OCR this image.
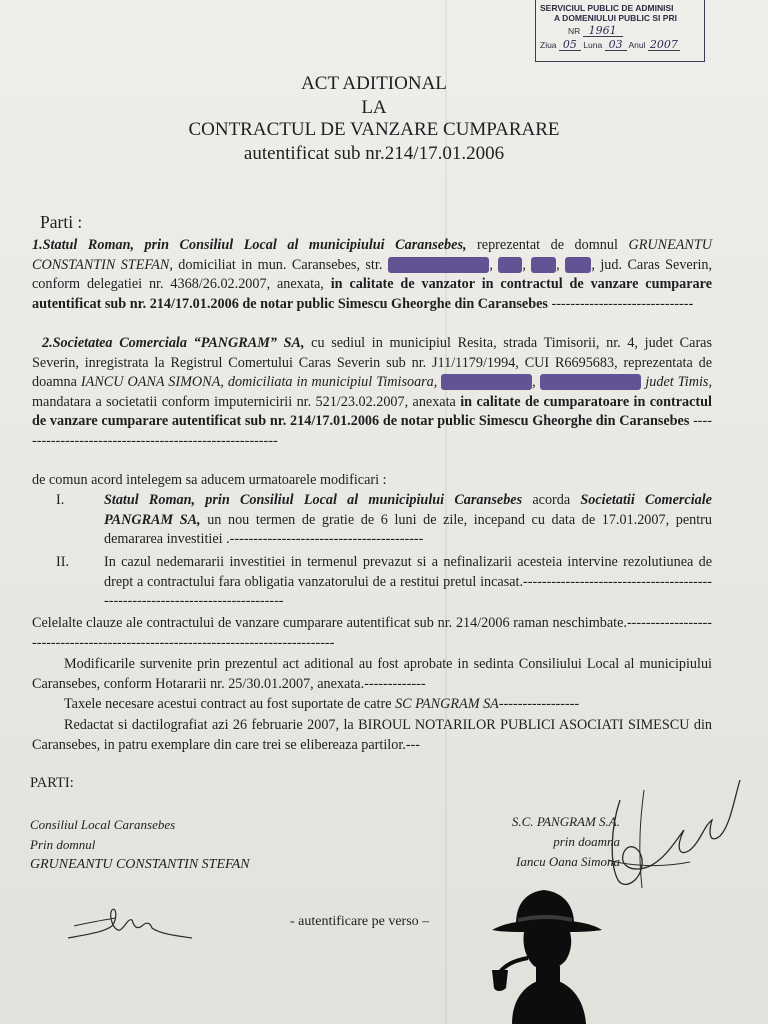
SERVICIUL PUBLIC DE ADMINISI
A DOMENIULUI PUBLIC SI PRI
NR 1961
Ziua 05 Luna 03 Anul 2007
ACT ADITIONAL
LA
CONTRACTUL DE VANZARE CUMPARARE
autentificat sub nr.214/17.01.2006
Parti :
1.Statul Roman, prin Consiliul Local al municipiului Caransebes, reprezentat de domnul GRUNEANTU CONSTANTIN STEFAN, domiciliat in mun. Caransebes, str. Aleea Narciselor , bl. , sc. , ap. , jud. Caras Severin, conform delegatiei nr. 4368/26.02.2007, anexata, in calitate de vanzator in contractul de vanzare cumparare autentificat sub nr. 214/17.01.2006 de notar public Simescu Gheorghe din Caransebes ------------------------------
2.Societatea Comerciala “PANGRAM” SA, cu sediul in municipiul Resita, strada Timisorii, nr. 4, judet Caras Severin, inregistrata la Registrul Comertului Caras Severin sub nr. J11/1179/1994, CUI R6695683, reprezentata de doamna IANCU OANA SIMONA, domiciliata in municipiul Timisoara, strada Operetei , nr. 3, sc. A, ap. 4 judet Timis, mandatara a societatii conform imputernicirii nr. 521/23.02.2007, anexata in calitate de cumparatoare in contractul de vanzare cumparare autentificat sub nr. 214/17.01.2006 de notar public Simescu Gheorghe din Caransebes --------------------------------------------------------
de comun acord intelegem sa aducem urmatoarele modificari :
I.	Statul Roman, prin Consiliul Local al municipiului Caransebes acorda Societatii Comerciale PANGRAM SA, un nou termen de gratie de 6 luni de zile, incepand cu data de 17.01.2007, pentru demararea investitiei .-----------------------------------------
II. In cazul nedemararii investitiei in termenul prevazut si a nefinalizarii acesteia intervine rezolutiunea de drept a contractului fara obligatia vanzatorului de a restitui pretul incasat.------------------------------------------------------------------------------
Celelalte clauze ale contractului de vanzare cumparare autentificat sub nr. 214/2006 raman neschimbate.----------------------------------------------------------------------------------
Modificarile survenite prin prezentul act aditional au fost aprobate in sedinta Consiliului Local al municipiului Caransebes, conform Hotararii nr. 25/30.01.2007, anexata.-------------
Taxele necesare acestui contract au fost suportate de catre SC PANGRAM SA-----------------
Redactat si dactilografiat azi 26 februarie 2007, la BIROUL NOTARILOR PUBLICI ASOCIATI SIMESCU din Caransebes, in patru exemplare din care trei se elibereaza partilor.---
PARTI:
Consiliul Local Caransebes
Prin domnul
GRUNEANTU CONSTANTIN STEFAN
S.C. PANGRAM S.A.
prin doamna
Iancu Oana Simona
- autentificare pe verso –
